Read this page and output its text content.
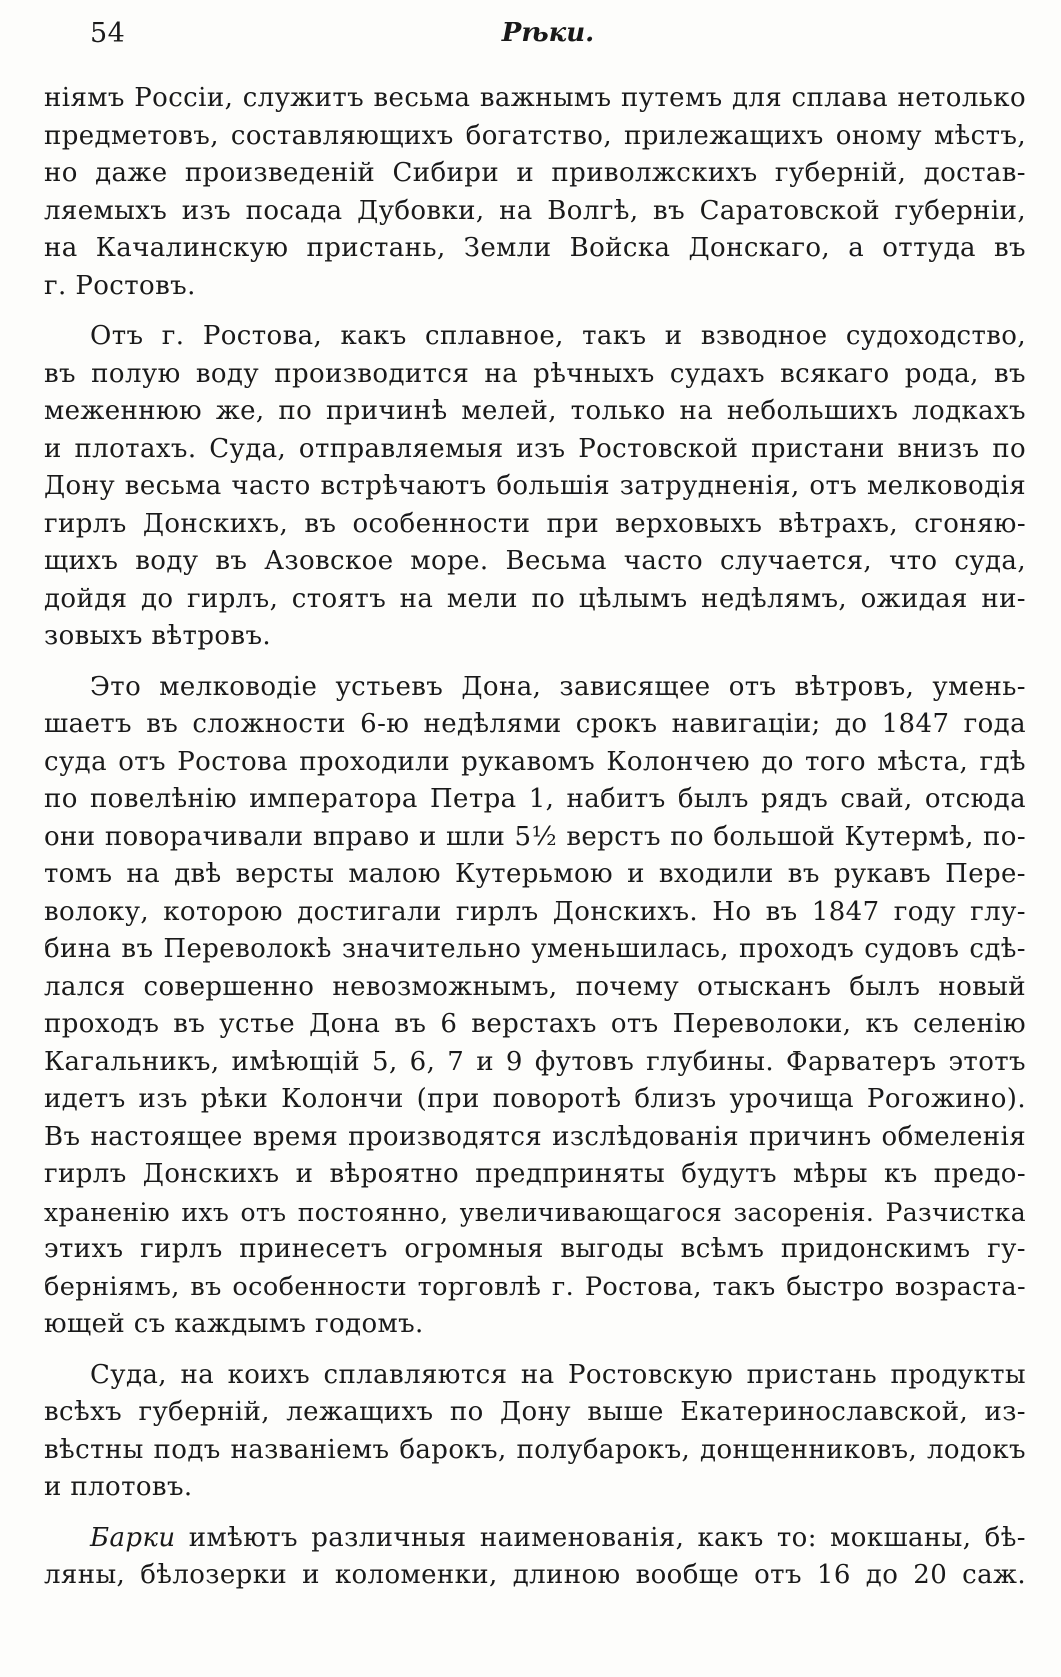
54	Рѣки.
ніямъ Россіи, служитъ весьма важнымъ путемъ для сплава нетолько
предметовъ, составляющихъ богатство, прилежащихъ оному мѣстъ,
но даже произведеній Сибири и приволжскихъ губерній, достав-
ляемыхъ изъ посада Дубовки, на Волгѣ, въ Саратовской губерніи,
на Качалинскую пристань, Земли Войска Донскаго, а оттуда въ
г. Ростовъ.
Отъ г. Ростова, какъ сплавное, такъ и взводное судоходство,
въ полую воду производится на рѣчныхъ судахъ всякаго рода, въ
меженнюю же, по причинѣ мелей, только на небольшихъ лодкахъ
и плотахъ. Суда, отправляемыя изъ Ростовской пристани внизъ по
Дону весьма часто встрѣчаютъ большія затрудненія, отъ мелководія
гирлъ Донскихъ, въ особенности при верховыхъ вѣтрахъ, сгоняю-
щихъ воду въ Азовское море. Весьма часто случается, что суда,
дойдя до гирлъ, стоятъ на мели по цѣлымъ недѣлямъ, ожидая ни-
зовыхъ вѣтровъ.
Это мелководіе устьевъ Дона, зависящее отъ вѣтровъ, умень-
шаетъ въ сложности 6-ю недѣлями срокъ навигаціи; до 1847 года
суда отъ Ростова проходили рукавомъ Колончею до того мѣста, гдѣ
по повелѣнію императора Петра 1, набитъ былъ рядъ свай, отсюда
они поворачивали вправо и шли 5½ верстъ по большой Кутермѣ, по-
томъ на двѣ версты малою Кутерьмою и входили въ рукавъ Пере-
волоку, которою достигали гирлъ Донскихъ. Но въ 1847 году глу-
бина въ Переволокѣ значительно уменьшилась, проходъ судовъ сдѣ-
лался совершенно невозможнымъ, почему отысканъ былъ новый
проходъ въ устье Дона въ 6 верстахъ отъ Переволоки, къ селенію
Кагальникъ, имѣющій 5, 6, 7 и 9 футовъ глубины. Фарватеръ этотъ
идетъ изъ рѣки Колончи (при поворотѣ близъ урочища Рогожино).
Въ настоящее время производятся изслѣдованія причинъ обмеленія
гирлъ Донскихъ и вѣроятно предприняты будутъ мѣры къ предо-
храненію ихъ отъ постоянно, увеличивающагося засоренія. Разчистка
этихъ гирлъ принесетъ огромныя выгоды всѣмъ придонскимъ гу-
берніямъ, въ особенности торговлѣ г. Ростова, такъ быстро возраста-
ющей съ каждымъ годомъ.
Суда, на коихъ сплавляются на Ростовскую пристань продукты
всѣхъ губерній, лежащихъ по Дону выше Екатеринославской, из-
вѣстны подъ названіемъ барокъ, полубарокъ, донщенниковъ, лодокъ
и плотовъ.
Барки имѣютъ различныя наименованія, какъ то: мокшаны, бѣ-
ляны, бѣлозерки и коломенки, длиною вообще отъ 16 до 20 саж.
